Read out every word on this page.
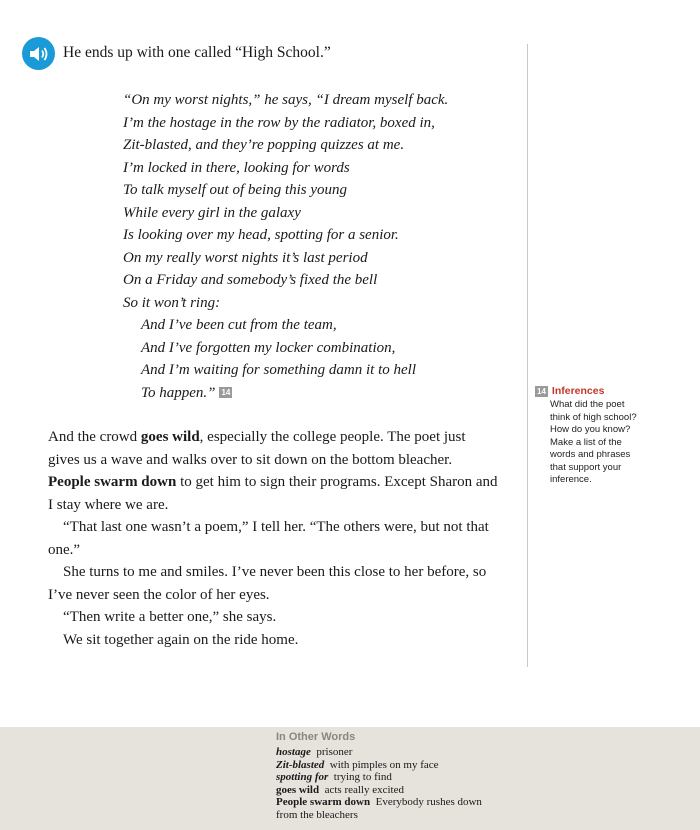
He ends up with one called “High School.”
“On my worst nights,” he says, “I dream myself back.
I’m the hostage in the row by the radiator, boxed in,
Zit-blasted, and they’re popping quizzes at me.
I’m locked in there, looking for words
To talk myself out of being this young
While every girl in the galaxy
Is looking over my head, spotting for a senior.
On my really worst nights it’s last period
On a Friday and somebody’s fixed the bell
So it won’t ring:
And I’ve been cut from the team,
And I’ve forgotten my locker combination,
And I’m waiting for something damn it to hell
To happen.” 14

And the crowd goes wild, especially the college people. The poet just gives us a wave and walks over to sit down on the bottom bleacher. People swarm down to get him to sign their programs. Except Sharon and I stay where we are.

“That last one wasn’t a poem,” I tell her. “The others were, but not that one.”

She turns to me and smiles. I’ve never been this close to her before, so I’ve never seen the color of her eyes.

“Then write a better one,” she says.

We sit together again on the ride home.

14 Inferences
What did the poet think of high school? How do you know? Make a list of the words and phrases that support your inference.
In Other Words
hostage prisoner
Zit-blasted with pimples on my face
spotting for trying to find
goes wild acts really excited
People swarm down Everybody rushes down
from the bleachers
